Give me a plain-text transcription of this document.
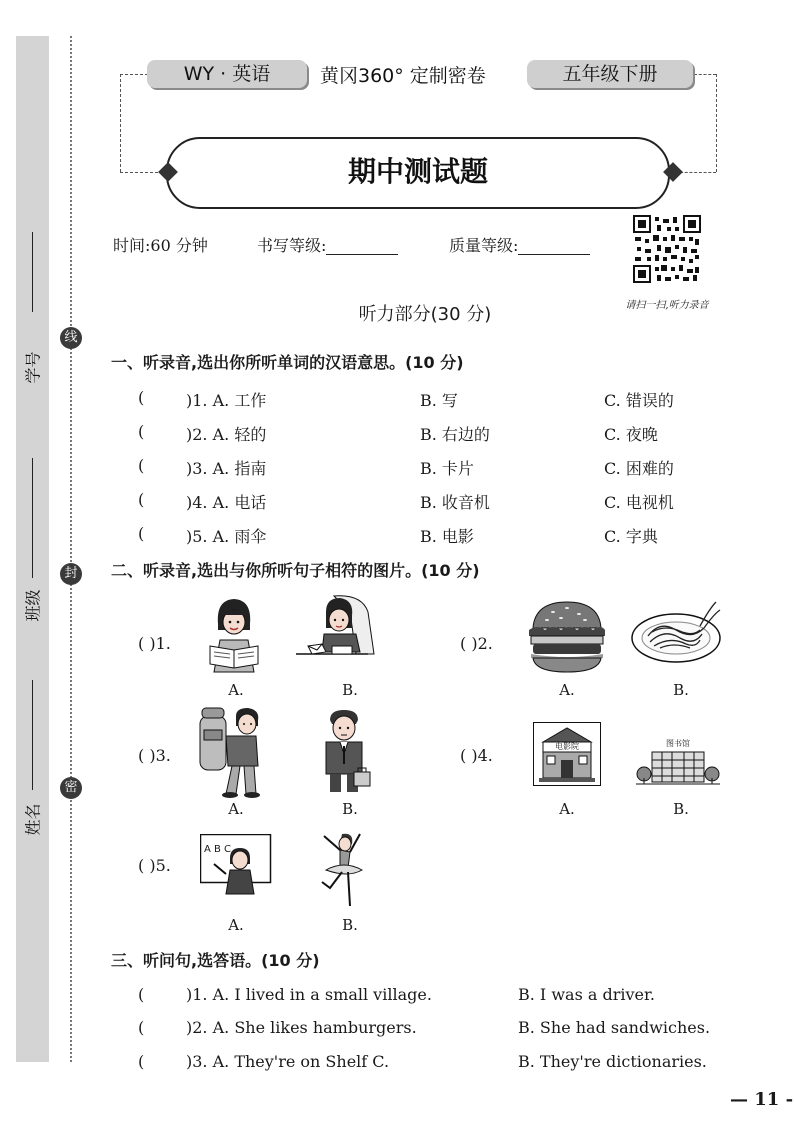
学号
班级
姓名
线
封
密
WY · 英语	黄冈360° 定制密卷	五年级下册
期中测试题
时间:60 分钟	书写等级:	质量等级:
请扫一扫,听力录音
听力部分(30 分)
一、听录音,选出你所听单词的汉语意思。(10 分)
(	)1. A. 工作	B. 写	C. 错误的
(	)2. A. 轻的	B. 右边的	C. 夜晚
(	)3. A. 指南	B. 卡片	C. 困难的
(	)4. A. 电话	B. 收音机	C. 电视机
(	)5. A. 雨伞	B. 电影	C. 字典
二、听录音,选出与你所听句子相符的图片。(10 分)
( )1.
A.	B.
( )2.
A.	B.
( )3.
A.	B.
( )4.	电影院	图书馆
A.	B.
( )5.
A B C
A.	B.
三、听问句,选答语。(10 分)
(	)1. A. I lived in a small village.	B. I was a driver.
(	)2. A. She likes hamburgers.	B. She had sandwiches.
(	)3. A. They're on Shelf C.	B. They're dictionaries.
— 11 -
